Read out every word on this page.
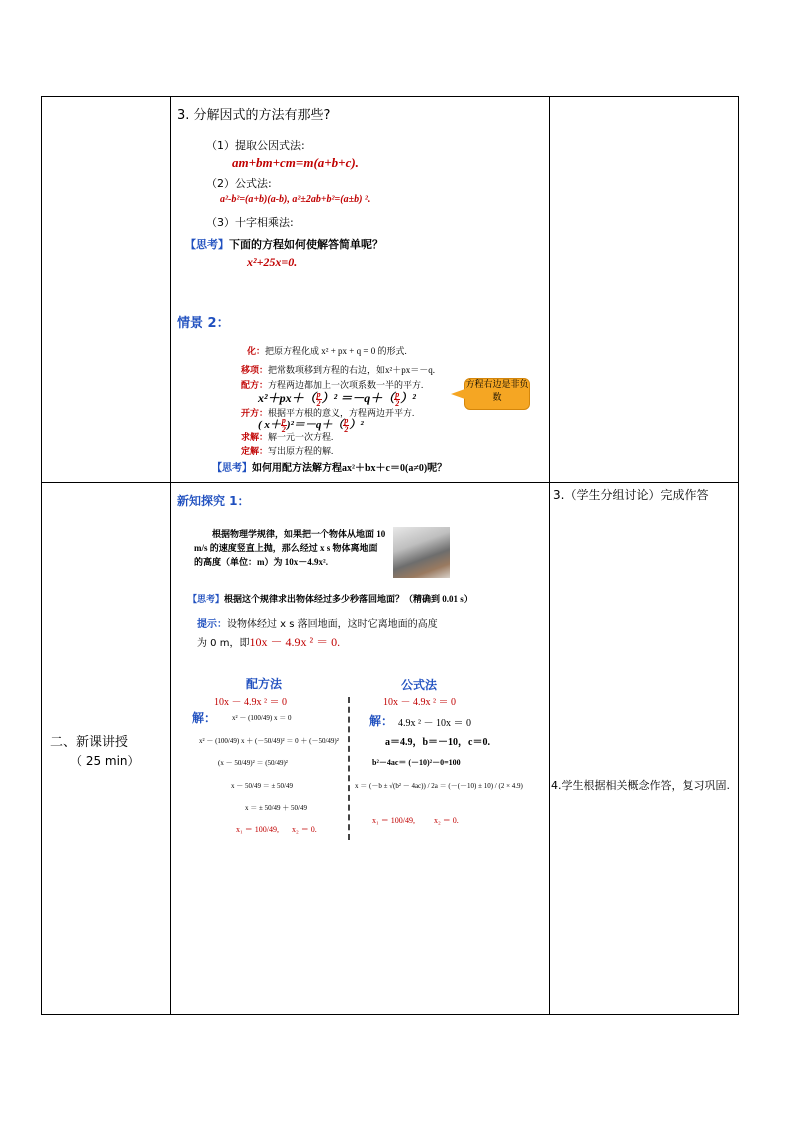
3. 分解因式的方法有那些?
（1）提取公因式法:
am+bm+cm=m(a+b+c).
（2）公式法:
a²-b²=(a+b)(a-b), a²±2ab+b²=(a±b) ².
（3）十字相乘法:
【思考】下面的方程如何使解答简单呢？
x²+25x=0.
情景 2：
化：把原方程化成 x² + px + q = 0 的形式.
移项：把常数项移到方程的右边，如x²＋px＝－q.
配方：方程两边都加上一次项系数一半的平方.
$x^2+px+( \frac{p}{2} )^2 =-q+( \frac{p}{2} )^2$
方程右边是非负数
开方：根据平方根的意义，方程两边开平方.
( $x+ \frac{p}{2} )^2=-q+( \frac{p}{2} )^2$
求解：解一元一次方程.
定解：写出原方程的解.
【思考】如何用配方法解方程ax²＋bx＋c＝0(a≠0)呢？
二、新课讲授
（ 25 min）
新知探究 1：
根据物理学规律，如果把一个物体从地面 10 m/s 的速度竖直上抛，那么经过 x s 物体离地面的高度（单位：m）为 10x－4.9x².
【思考】根据这个规律求出物体经过多少秒落回地面？（精确到 0.01 s）
提示：设物体经过 x s 落回地面，这时它离地面的高度
为 0 m，即10x － 4.9x ² ＝ 0.
配方法
10x － 4.9x ² ＝ 0
解： x² － (100/49) x ＝ 0
x² － (100/49) x ＋ (－50/49)² ＝ 0 ＋ (－50/49)²
(x － 50/49)² ＝ (50/49)²
x － 50/49 ＝ ± 50/49
x ＝ ± 50/49 ＋ 50/49
x₁ ＝ 100/49, x₂ ＝ 0.
公式法
10x － 4.9x ² ＝ 0
解： 4.9x ² － 10x ＝ 0
a＝4.9，b＝－10，c＝0.
b²－4ac＝ (－10)²－0=100
x ＝ (－b ± √(b² － 4ac)) / 2a ＝ (－(－10) ± 10) / (2 × 4.9)
x₁ ＝ 100/49, x₂ ＝ 0.
3.（学生分组讨论）完成作答
4.学生根据相关概念作答，复习巩固.
